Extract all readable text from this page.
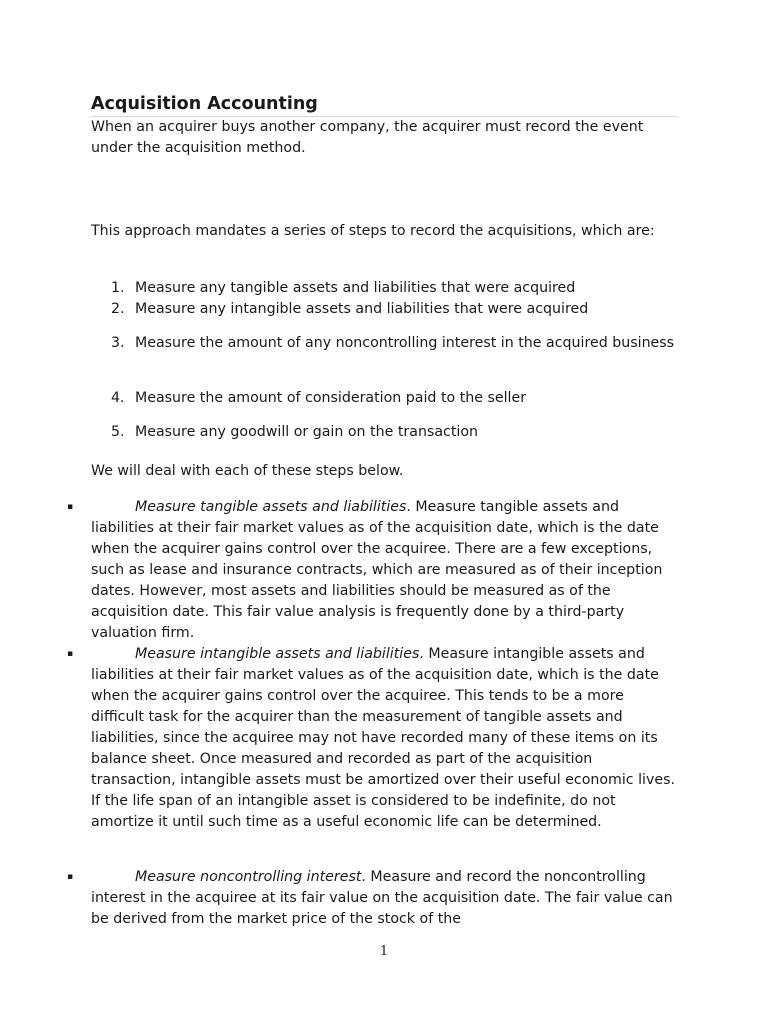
Acquisition Accounting

When an acquirer buys another company, the acquirer must record the event under the acquisition method.

This approach mandates a series of steps to record the acquisitions, which are:

1. Measure any tangible assets and liabilities that were acquired
2. Measure any intangible assets and liabilities that were acquired
3. Measure the amount of any noncontrolling interest in the acquired business
4. Measure the amount of consideration paid to the seller
5. Measure any goodwill or gain on the transaction

We will deal with each of these steps below.

▪	Measure tangible assets and liabilities. Measure tangible assets and liabilities at their fair market values as of the acquisition date, which is the date when the acquirer gains control over the acquiree. There are a few exceptions, such as lease and insurance contracts, which are measured as of their inception dates. However, most assets and liabilities should be measured as of the acquisition date. This fair value analysis is frequently done by a third-party valuation firm.
▪	Measure intangible assets and liabilities. Measure intangible assets and liabilities at their fair market values as of the acquisition date, which is the date when the acquirer gains control over the acquiree. This tends to be a more difficult task for the acquirer than the measurement of tangible assets and liabilities, since the acquiree may not have recorded many of these items on its balance sheet. Once measured and recorded as part of the acquisition transaction, intangible assets must be amortized over their useful economic lives. If the life span of an intangible asset is considered to be indefinite, do not amortize it until such time as a useful economic life can be determined.
▪	Measure noncontrolling interest. Measure and record the noncontrolling interest in the acquiree at its fair value on the acquisition date. The fair value can be derived from the market price of the stock of the
1
